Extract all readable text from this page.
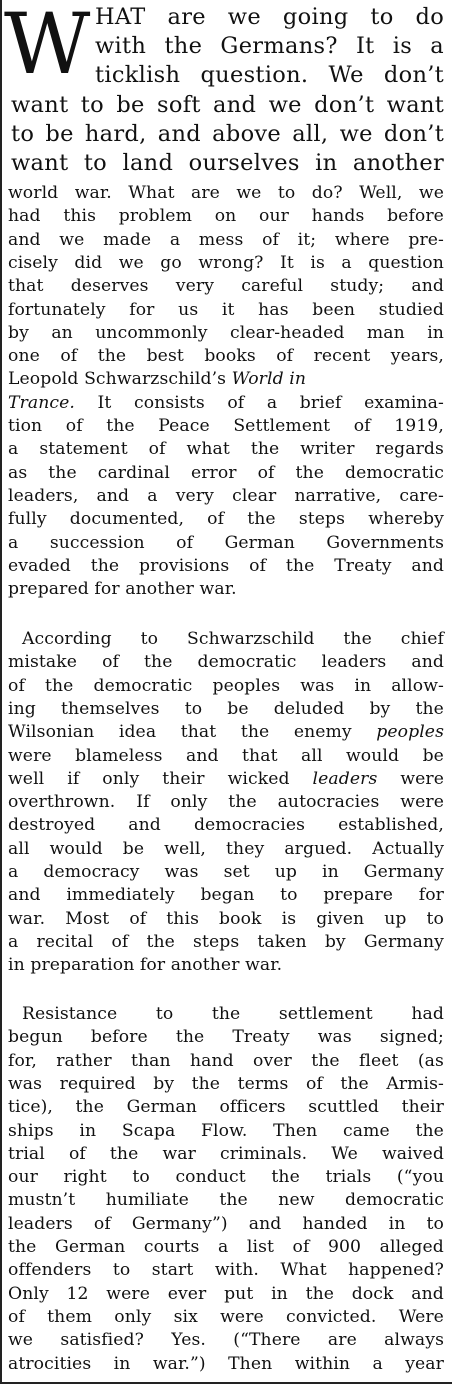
W HAT are we going to do
with the Germans? It is a
ticklish question. We don’t
want to be soft and we don’t want
to be hard, and above all, we don’t
want to land ourselves in another
world war. What are we to do? Well, we
had this problem on our hands before
and we made a mess of it; where pre-
cisely did we go wrong? It is a question
that deserves very careful study; and
fortunately for us it has been studied
by an uncommonly clear-headed man in
one of the best books of recent years,
Leopold Schwarzschild’s World in
Trance. It consists of a brief examina-
tion of the Peace Settlement of 1919,
a statement of what the writer regards
as the cardinal error of the democratic
leaders, and a very clear narrative, care-
fully documented, of the steps whereby
a succession of German Governments
evaded the provisions of the Treaty and
prepared for another war.
According to Schwarzschild the chief
mistake of the democratic leaders and
of the democratic peoples was in allow-
ing themselves to be deluded by the
Wilsonian idea that the enemy peoples
were blameless and that all would be
well if only their wicked leaders were
overthrown. If only the autocracies were
destroyed and democracies established,
all would be well, they argued. Actually
a democracy was set up in Germany
and immediately began to prepare for
war. Most of this book is given up to
a recital of the steps taken by Germany
in preparation for another war.
Resistance to the settlement had
begun before the Treaty was signed;
for, rather than hand over the fleet (as
was required by the terms of the Armis-
tice), the German officers scuttled their
ships in Scapa Flow. Then came the
trial of the war criminals. We waived
our right to conduct the trials (“you
mustn’t humiliate the new democratic
leaders of Germany”) and handed in to
the German courts a list of 900 alleged
offenders to start with. What happened?
Only 12 were ever put in the dock and
of them only six were convicted. Were
we satisfied? Yes. (“There are always
atrocities in war.”) Then within a year
